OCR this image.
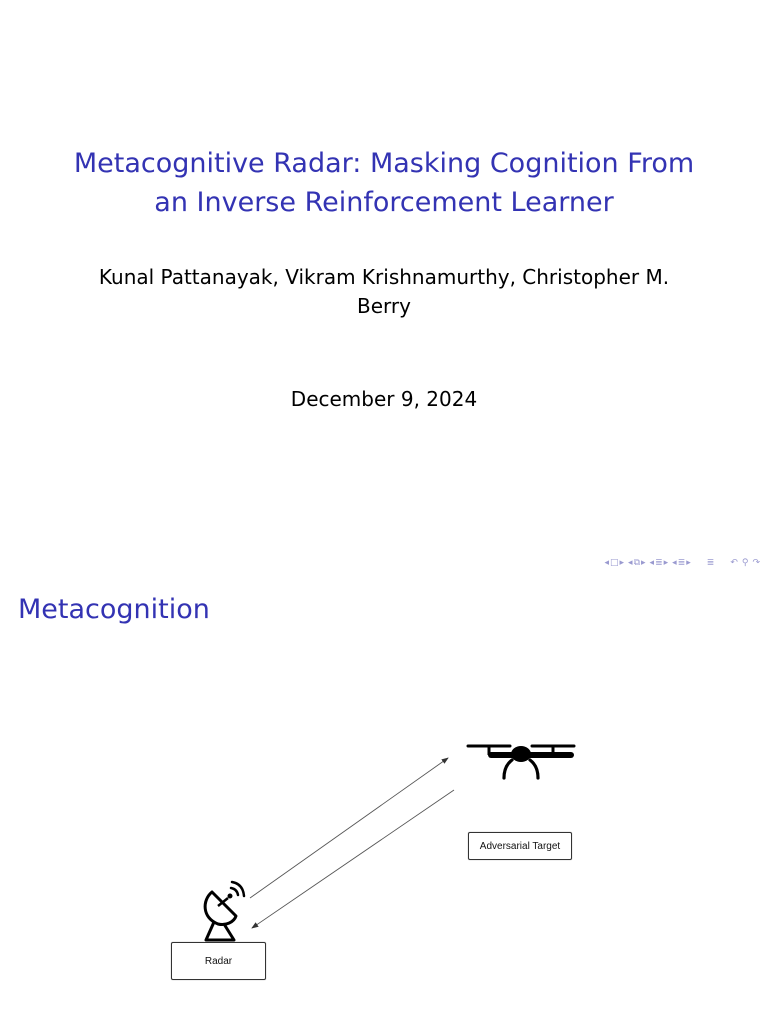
Metacognitive Radar: Masking Cognition From
an Inverse Reinforcement Learner
Kunal Pattanayak, Vikram Krishnamurthy, Christopher M.
Berry
December 9, 2024
◂ □ ▸ ◂ ⧉ ▸ ◂ ≣ ▸ ◂ ≣ ▸ ≣ ↶ ⚲ ↷
Metacognition
Adversarial Target
Radar
